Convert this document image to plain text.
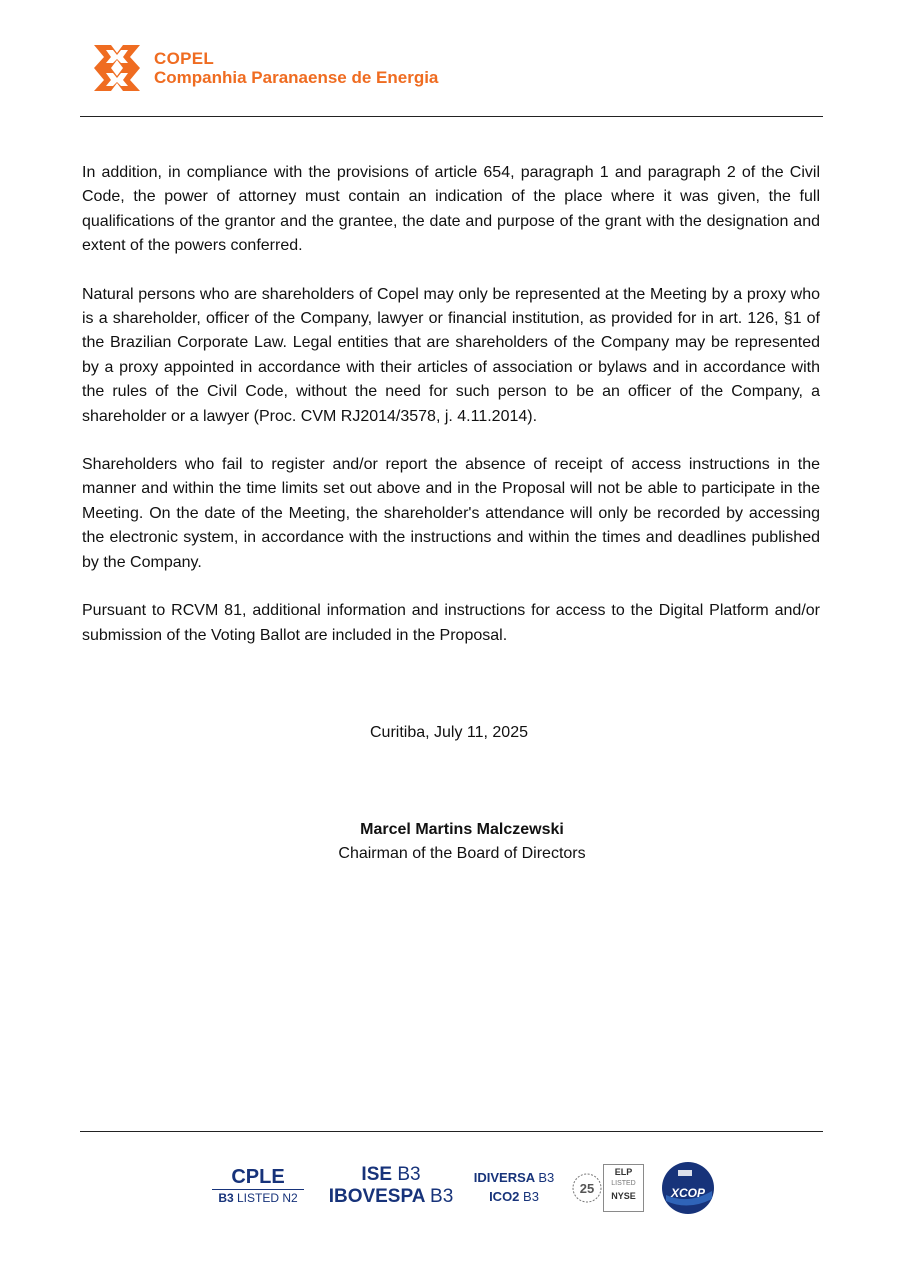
COPEL
Companhia Paranaense de Energia

In addition, in compliance with the provisions of article 654, paragraph 1 and paragraph 2 of the Civil Code, the power of attorney must contain an indication of the place where it was given, the full qualifications of the grantor and the grantee, the date and purpose of the grant with the designation and extent of the powers conferred.

Natural persons who are shareholders of Copel may only be represented at the Meeting by a proxy who is a shareholder, officer of the Company, lawyer or financial institution, as provided for in art. 126, §1 of the Brazilian Corporate Law. Legal entities that are shareholders of the Company may be represented by a proxy appointed in accordance with their articles of association or bylaws and in accordance with the rules of the Civil Code, without the need for such person to be an officer of the Company, a shareholder or a lawyer (Proc. CVM RJ2014/3578, j. 4.11.2014).

Shareholders who fail to register and/or report the absence of receipt of access instructions in the manner and within the time limits set out above and in the Proposal will not be able to participate in the Meeting. On the date of the Meeting, the shareholder's attendance will only be recorded by accessing the electronic system, in accordance with the instructions and within the times and deadlines published by the Company.

Pursuant to RCVM 81, additional information and instructions for access to the Digital Platform and/or submission of the Voting Ballot are included in the Proposal.

Curitiba, July 11, 2025
Marcel Martins Malczewski
Chairman of the Board of Directors
CPLE
B3 LISTED N2
ISE B3
IBOVESPA B3
IDIVERSA B3
ICO2 B3
25
ELP
LISTED
NYSE	XCOP
